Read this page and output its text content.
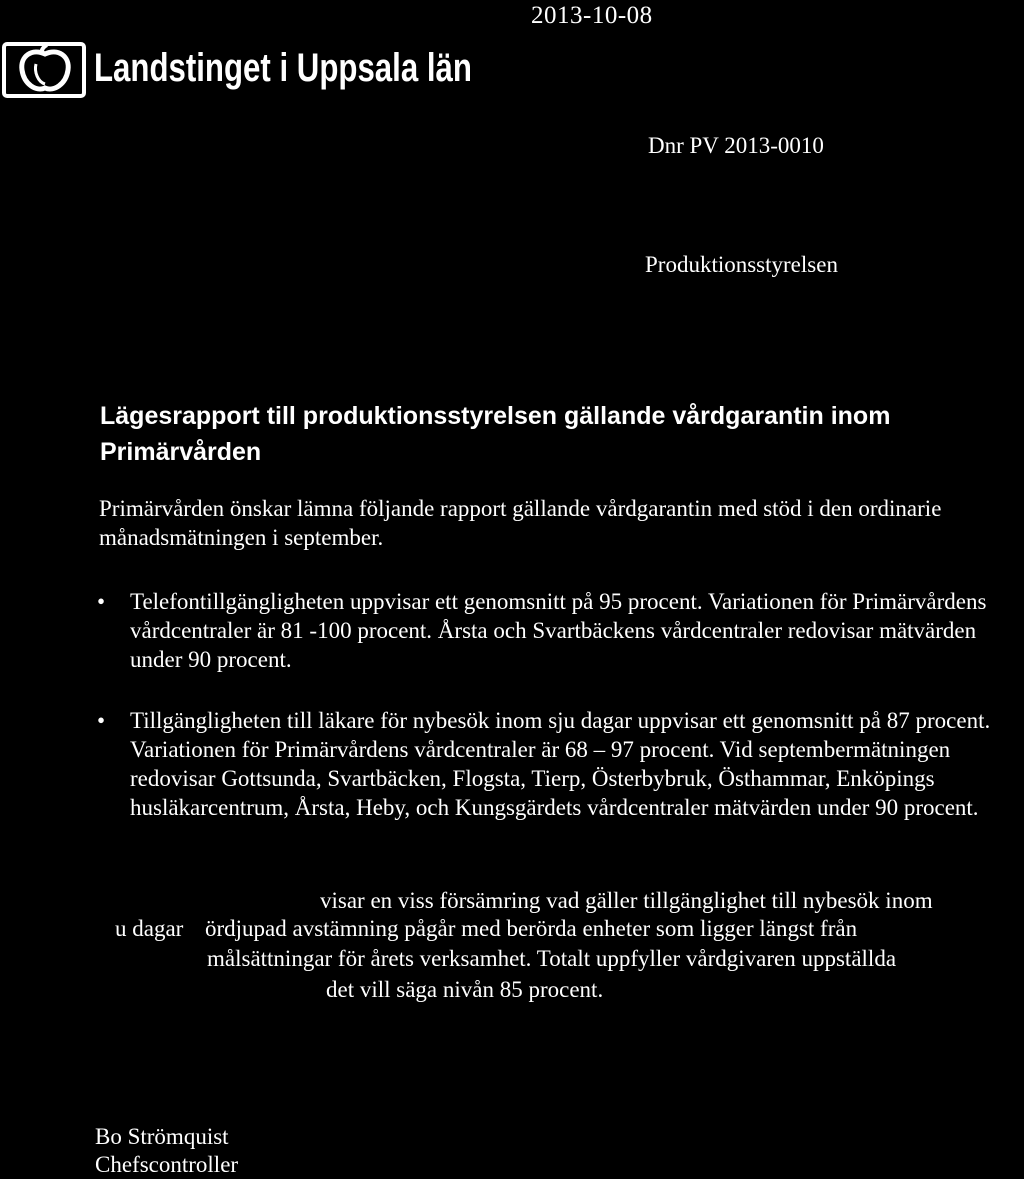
Landstinget i Uppsala län
2013-10-08
Dnr PV 2013-0010
Produktionsstyrelsen
Lägesrapport till produktionsstyrelsen gällande vårdgarantin inom Primärvården
Primärvården önskar lämna följande rapport gällande vårdgarantin med stöd i den ordinarie månadsmätningen i september.
• Telefontillgängligheten uppvisar ett genomsnitt på 95 procent. Variationen för Primärvårdens vårdcentraler är 81 -100 procent. Årsta och Svartbäckens vårdcentraler redovisar mätvärden under 90 procent.
• Tillgängligheten till läkare för nybesök inom sju dagar uppvisar ett genomsnitt på 87 procent. Variationen för Primärvårdens vårdcentraler är 68 – 97 procent. Vid septembermätningen redovisar Gottsunda, Svartbäcken, Flogsta, Tierp, Österbybruk, Östhammar, Enköpings husläkarcentrum, Årsta, Heby, och Kungsgärdets vårdcentraler mätvärden under 90 procent.
visar en viss försämring vad gäller tillgänglighet till nybesök inom
u dagar ördjupad avstämning pågår med berörda enheter som ligger längst från
målsättningar för årets verksamhet. Totalt uppfyller vårdgivaren uppställda
det vill säga nivån 85 procent.
Bo Strömquist
Chefscontroller
